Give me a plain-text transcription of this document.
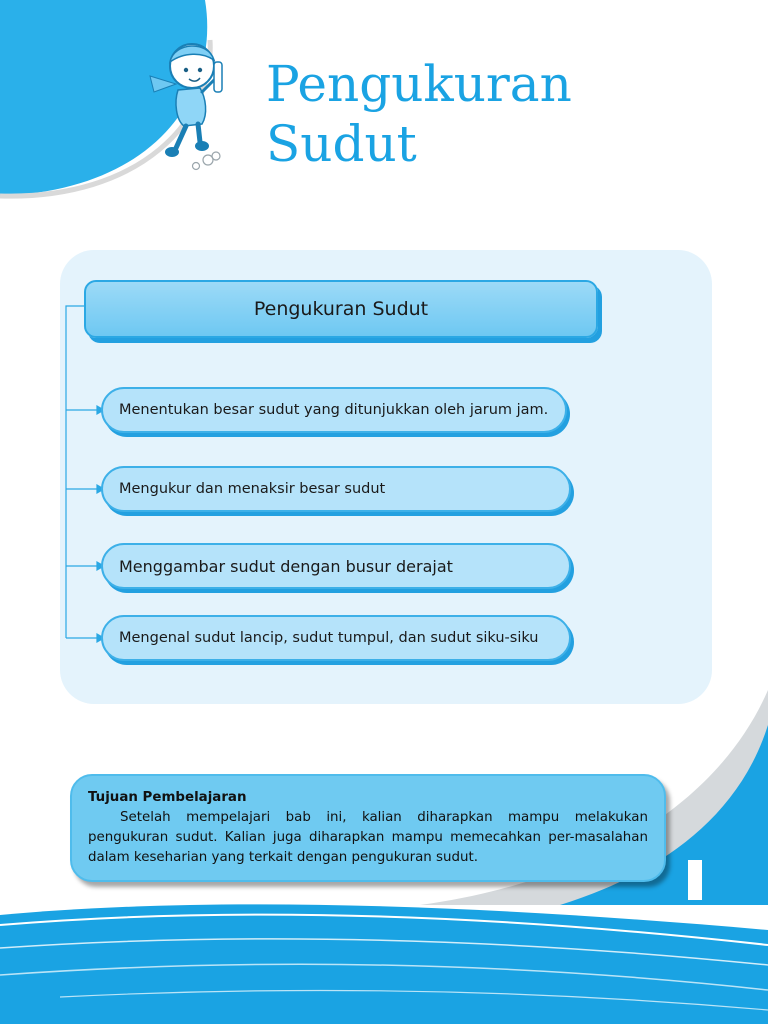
Pengukuran
Sudut
Pengukuran Sudut
Menentukan besar sudut yang ditunjukkan oleh jarum jam.
Mengukur dan menaksir besar sudut
Menggambar sudut dengan busur derajat
Mengenal sudut lancip, sudut tumpul, dan sudut siku-siku
Tujuan Pembelajaran
Setelah mempelajari bab ini, kalian diharapkan mampu melakukan pengukuran sudut. Kalian juga diharapkan mampu memecahkan per-masalahan dalam keseharian yang terkait dengan pengukuran sudut.
